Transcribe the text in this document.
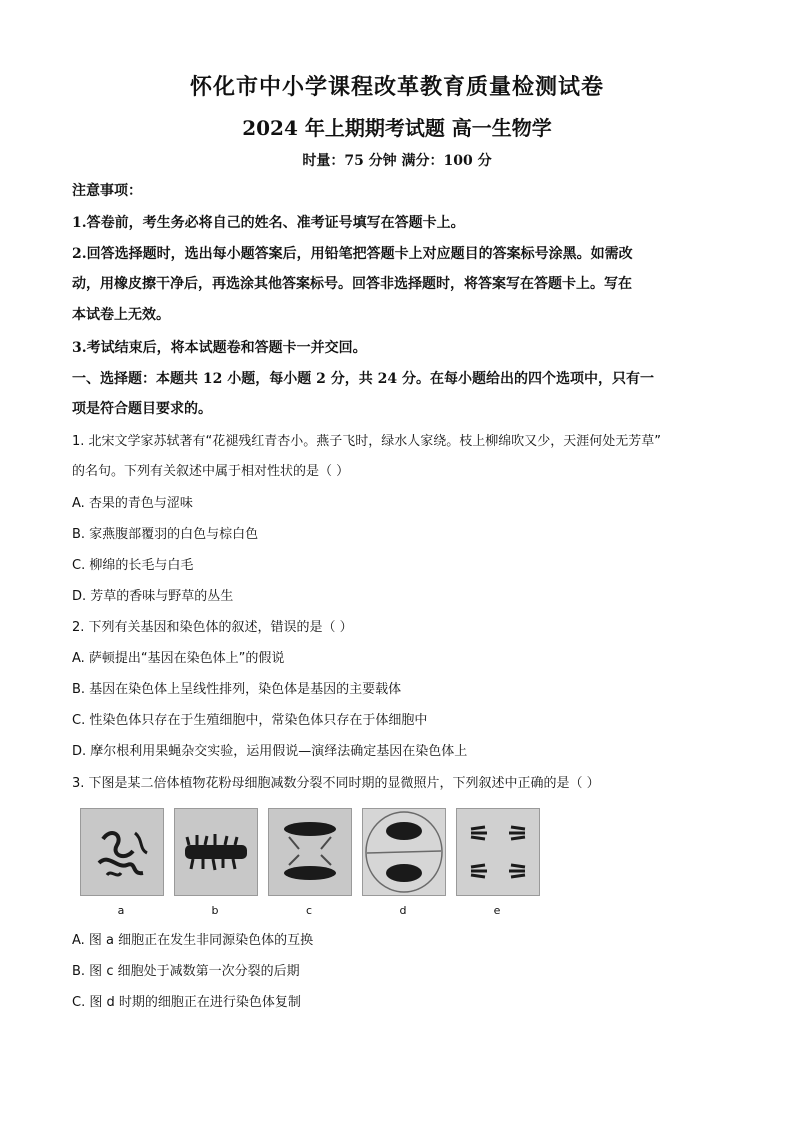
怀化市中小学课程改革教育质量检测试卷
2024 年上期期考试题 高一生物学
时量：75 分钟 满分：100 分
注意事项：
1.答卷前，考生务必将自己的姓名、准考证号填写在答题卡上。
2.回答选择题时，选出每小题答案后，用铅笔把答题卡上对应题目的答案标号涂黑。如需改
动，用橡皮擦干净后，再选涂其他答案标号。回答非选择题时，将答案写在答题卡上。写在
本试卷上无效。
3.考试结束后，将本试题卷和答题卡一并交回。
一、选择题：本题共 12 小题，每小题 2 分，共 24 分。在每小题给出的四个选项中，只有一
项是符合题目要求的。
1. 北宋文学家苏轼著有“花褪残红青杏小。燕子飞时，绿水人家绕。枝上柳绵吹又少，天涯何处无芳草”
的名句。下列有关叙述中属于相对性状的是（ ）
A. 杏果的青色与涩味
B. 家燕腹部覆羽的白色与棕白色
C. 柳绵的长毛与白毛
D. 芳草的香味与野草的丛生
2. 下列有关基因和染色体的叙述，错误的是（ ）
A. 萨顿提出“基因在染色体上”的假说
B. 基因在染色体上呈线性排列，染色体是基因的主要载体
C. 性染色体只存在于生殖细胞中，常染色体只存在于体细胞中
D. 摩尔根利用果蝇杂交实验，运用假说—演绎法确定基因在染色体上
3. 下图是某二倍体植物花粉母细胞减数分裂不同时期的显微照片，下列叙述中正确的是（ ）
a	b	c	d	e
A. 图 a 细胞正在发生非同源染色体的互换
B. 图 c 细胞处于减数第一次分裂的后期
C. 图 d 时期的细胞正在进行染色体复制
